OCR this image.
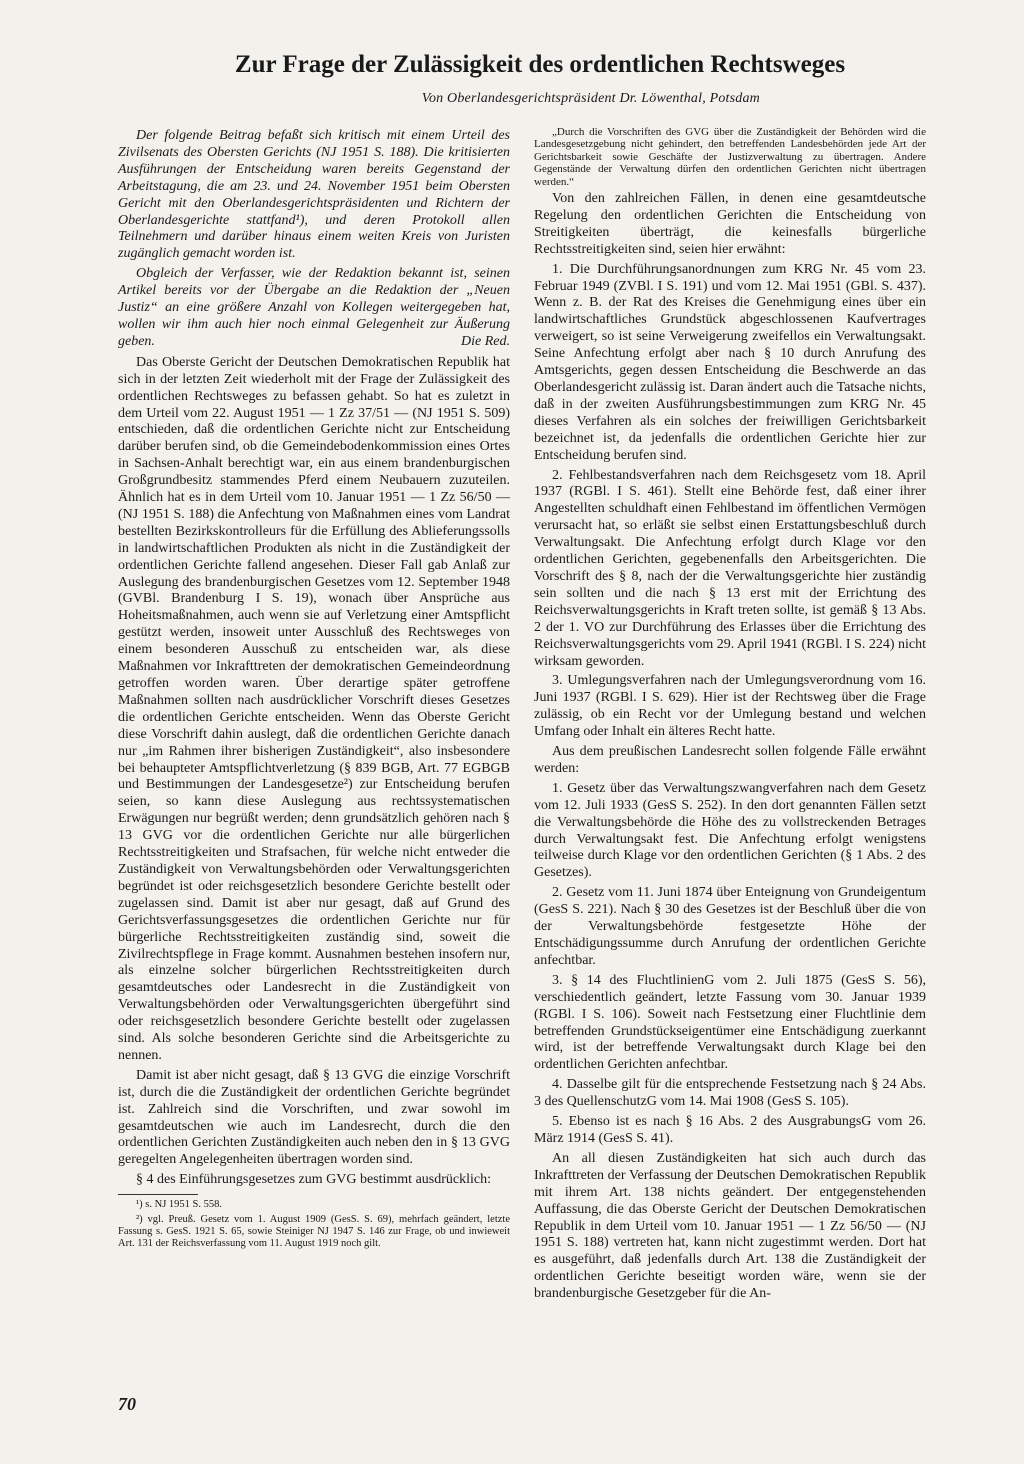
Zur Frage der Zulässigkeit des ordentlichen Rechtsweges
Von Oberlandesgerichtspräsident Dr. Löwenthal, Potsdam

Der folgende Beitrag befaßt sich kritisch mit einem Urteil des Zivilsenats des Obersten Gerichts (NJ 1951 S. 188). Die kritisierten Ausführungen der Entscheidung waren bereits Gegenstand der Arbeitstagung, die am 23. und 24. November 1951 beim Obersten Gericht mit den Oberlandesgerichtspräsidenten und Richtern der Oberlandesgerichte stattfand¹), und deren Protokoll allen Teilnehmern und darüber hinaus einem weiten Kreis von Juristen zugänglich gemacht worden ist.

Obgleich der Verfasser, wie der Redaktion bekannt ist, seinen Artikel bereits vor der Übergabe an die Redaktion der „Neuen Justiz“ an eine größere Anzahl von Kollegen weitergegeben hat, wollen wir ihm auch hier noch einmal Gelegenheit zur Äußerung geben.	Die Red.

Das Oberste Gericht der Deutschen Demokratischen Republik hat sich in der letzten Zeit wiederholt mit der Frage der Zulässigkeit des ordentlichen Rechtsweges zu befassen gehabt. So hat es zuletzt in dem Urteil vom 22. August 1951 — 1 Zz 37/51 — (NJ 1951 S. 509) entschieden, daß die ordentlichen Gerichte nicht zur Entscheidung darüber berufen sind, ob die Gemeindebodenkommission eines Ortes in Sachsen-Anhalt berechtigt war, ein aus einem brandenburgischen Großgrundbesitz stammendes Pferd einem Neubauern zuzuteilen. Ähnlich hat es in dem Urteil vom 10. Januar 1951 — 1 Zz 56/50 — (NJ 1951 S. 188) die Anfechtung von Maßnahmen eines vom Landrat bestellten Bezirkskontrolleurs für die Erfüllung des Ablieferungssolls in landwirtschaftlichen Produkten als nicht in die Zuständigkeit der ordentlichen Gerichte fallend angesehen. Dieser Fall gab Anlaß zur Auslegung des brandenburgischen Gesetzes vom 12. September 1948 (GVBl. Brandenburg I S. 19), wonach über Ansprüche aus Hoheitsmaßnahmen, auch wenn sie auf Verletzung einer Amtspflicht gestützt werden, insoweit unter Ausschluß des Rechtsweges von einem besonderen Ausschuß zu entscheiden war, als diese Maßnahmen vor Inkrafttreten der demokratischen Gemeindeordnung getroffen worden waren. Über derartige später getroffene Maßnahmen sollten nach ausdrücklicher Vorschrift dieses Gesetzes die ordentlichen Gerichte entscheiden. Wenn das Oberste Gericht diese Vorschrift dahin auslegt, daß die ordentlichen Gerichte danach nur „im Rahmen ihrer bisherigen Zuständigkeit“, also insbesondere bei behaupteter Amtspflichtverletzung (§ 839 BGB, Art. 77 EGBGB und Bestimmungen der Landesgesetze²) zur Entscheidung berufen seien, so kann diese Auslegung aus rechtssystematischen Erwägungen nur begrüßt werden; denn grundsätzlich gehören nach § 13 GVG vor die ordentlichen Gerichte nur alle bürgerlichen Rechtsstreitigkeiten und Strafsachen, für welche nicht entweder die Zuständigkeit von Verwaltungsbehörden oder Verwaltungsgerichten begründet ist oder reichsgesetzlich besondere Gerichte bestellt oder zugelassen sind. Damit ist aber nur gesagt, daß auf Grund des Gerichtsverfassungsgesetzes die ordentlichen Gerichte nur für bürgerliche Rechtsstreitigkeiten zuständig sind, soweit die Zivilrechtspflege in Frage kommt. Ausnahmen bestehen insofern nur, als einzelne solcher bürgerlichen Rechtsstreitigkeiten durch gesamtdeutsches oder Landesrecht in die Zuständigkeit von Verwaltungsbehörden oder Verwaltungsgerichten übergeführt sind oder reichsgesetzlich besondere Gerichte bestellt oder zugelassen sind. Als solche besonderen Gerichte sind die Arbeitsgerichte zu nennen.

Damit ist aber nicht gesagt, daß § 13 GVG die einzige Vorschrift ist, durch die die Zuständigkeit der ordentlichen Gerichte begründet ist. Zahlreich sind die Vorschriften, und zwar sowohl im gesamtdeutschen wie auch im Landesrecht, durch die den ordentlichen Gerichten Zuständigkeiten auch neben den in § 13 GVG geregelten Angelegenheiten übertragen worden sind.

§ 4 des Einführungsgesetzes zum GVG bestimmt ausdrücklich:

¹) s. NJ 1951 S. 558.

²) vgl. Preuß. Gesetz vom 1. August 1909 (GesS. S. 69), mehrfach geändert, letzte Fassung s. GesS. 1921 S. 65, sowie Steiniger NJ 1947 S. 146 zur Frage, ob und inwieweit Art. 131 der Reichsverfassung vom 11. August 1919 noch gilt.

„Durch die Vorschriften des GVG über die Zuständigkeit der Behörden wird die Landesgesetzgebung nicht gehindert, den betreffenden Landesbehörden jede Art der Gerichtsbarkeit sowie Geschäfte der Justizverwaltung zu übertragen. Andere Gegenstände der Verwaltung dürfen den ordentlichen Gerichten nicht übertragen werden.“

Von den zahlreichen Fällen, in denen eine gesamtdeutsche Regelung den ordentlichen Gerichten die Entscheidung von Streitigkeiten überträgt, die keinesfalls bürgerliche Rechtsstreitigkeiten sind, seien hier erwähnt:

1. Die Durchführungsanordnungen zum KRG Nr. 45 vom 23. Februar 1949 (ZVBl. I S. 191) und vom 12. Mai 1951 (GBl. S. 437). Wenn z. B. der Rat des Kreises die Genehmigung eines über ein landwirtschaftliches Grundstück abgeschlossenen Kaufvertrages verweigert, so ist seine Verweigerung zweifellos ein Verwaltungsakt. Seine Anfechtung erfolgt aber nach § 10 durch Anrufung des Amtsgerichts, gegen dessen Entscheidung die Beschwerde an das Oberlandesgericht zulässig ist. Daran ändert auch die Tatsache nichts, daß in der zweiten Ausführungsbestimmungen zum KRG Nr. 45 dieses Verfahren als ein solches der freiwilligen Gerichtsbarkeit bezeichnet ist, da jedenfalls die ordentlichen Gerichte hier zur Entscheidung berufen sind.

2. Fehlbestandsverfahren nach dem Reichsgesetz vom 18. April 1937 (RGBl. I S. 461). Stellt eine Behörde fest, daß einer ihrer Angestellten schuldhaft einen Fehlbestand im öffentlichen Vermögen verursacht hat, so erläßt sie selbst einen Erstattungsbeschluß durch Verwaltungsakt. Die Anfechtung erfolgt durch Klage vor den ordentlichen Gerichten, gegebenenfalls den Arbeitsgerichten. Die Vorschrift des § 8, nach der die Verwaltungsgerichte hier zuständig sein sollten und die nach § 13 erst mit der Errichtung des Reichsverwaltungsgerichts in Kraft treten sollte, ist gemäß § 13 Abs. 2 der 1. VO zur Durchführung des Erlasses über die Errichtung des Reichsverwaltungsgerichts vom 29. April 1941 (RGBl. I S. 224) nicht wirksam geworden.

3. Umlegungsverfahren nach der Umlegungsverordnung vom 16. Juni 1937 (RGBl. I S. 629). Hier ist der Rechtsweg über die Frage zulässig, ob ein Recht vor der Umlegung bestand und welchen Umfang oder Inhalt ein älteres Recht hatte.

Aus dem preußischen Landesrecht sollen folgende Fälle erwähnt werden:

1. Gesetz über das Verwaltungszwangverfahren nach dem Gesetz vom 12. Juli 1933 (GesS S. 252). In den dort genannten Fällen setzt die Verwaltungsbehörde die Höhe des zu vollstreckenden Betrages durch Verwaltungsakt fest. Die Anfechtung erfolgt wenigstens teilweise durch Klage vor den ordentlichen Gerichten (§ 1 Abs. 2 des Gesetzes).

2. Gesetz vom 11. Juni 1874 über Enteignung von Grundeigentum (GesS S. 221). Nach § 30 des Gesetzes ist der Beschluß über die von der Verwaltungsbehörde festgesetzte Höhe der Entschädigungssumme durch Anrufung der ordentlichen Gerichte anfechtbar.

3. § 14 des FluchtlinienG vom 2. Juli 1875 (GesS S. 56), verschiedentlich geändert, letzte Fassung vom 30. Januar 1939 (RGBl. I S. 106). Soweit nach Festsetzung einer Fluchtlinie dem betreffenden Grundstückseigentümer eine Entschädigung zuerkannt wird, ist der betreffende Verwaltungsakt durch Klage bei den ordentlichen Gerichten anfechtbar.

4. Dasselbe gilt für die entsprechende Festsetzung nach § 24 Abs. 3 des QuellenschutzG vom 14. Mai 1908 (GesS S. 105).

5. Ebenso ist es nach § 16 Abs. 2 des AusgrabungsG vom 26. März 1914 (GesS S. 41).

An all diesen Zuständigkeiten hat sich auch durch das Inkrafttreten der Verfassung der Deutschen Demokratischen Republik mit ihrem Art. 138 nichts geändert. Der entgegenstehenden Auffassung, die das Oberste Gericht der Deutschen Demokratischen Republik in dem Urteil vom 10. Januar 1951 — 1 Zz 56/50 — (NJ 1951 S. 188) vertreten hat, kann nicht zugestimmt werden. Dort hat es ausgeführt, daß jedenfalls durch Art. 138 die Zuständigkeit der ordentlichen Gerichte beseitigt worden wäre, wenn sie der brandenburgische Gesetzgeber für die An-

70
